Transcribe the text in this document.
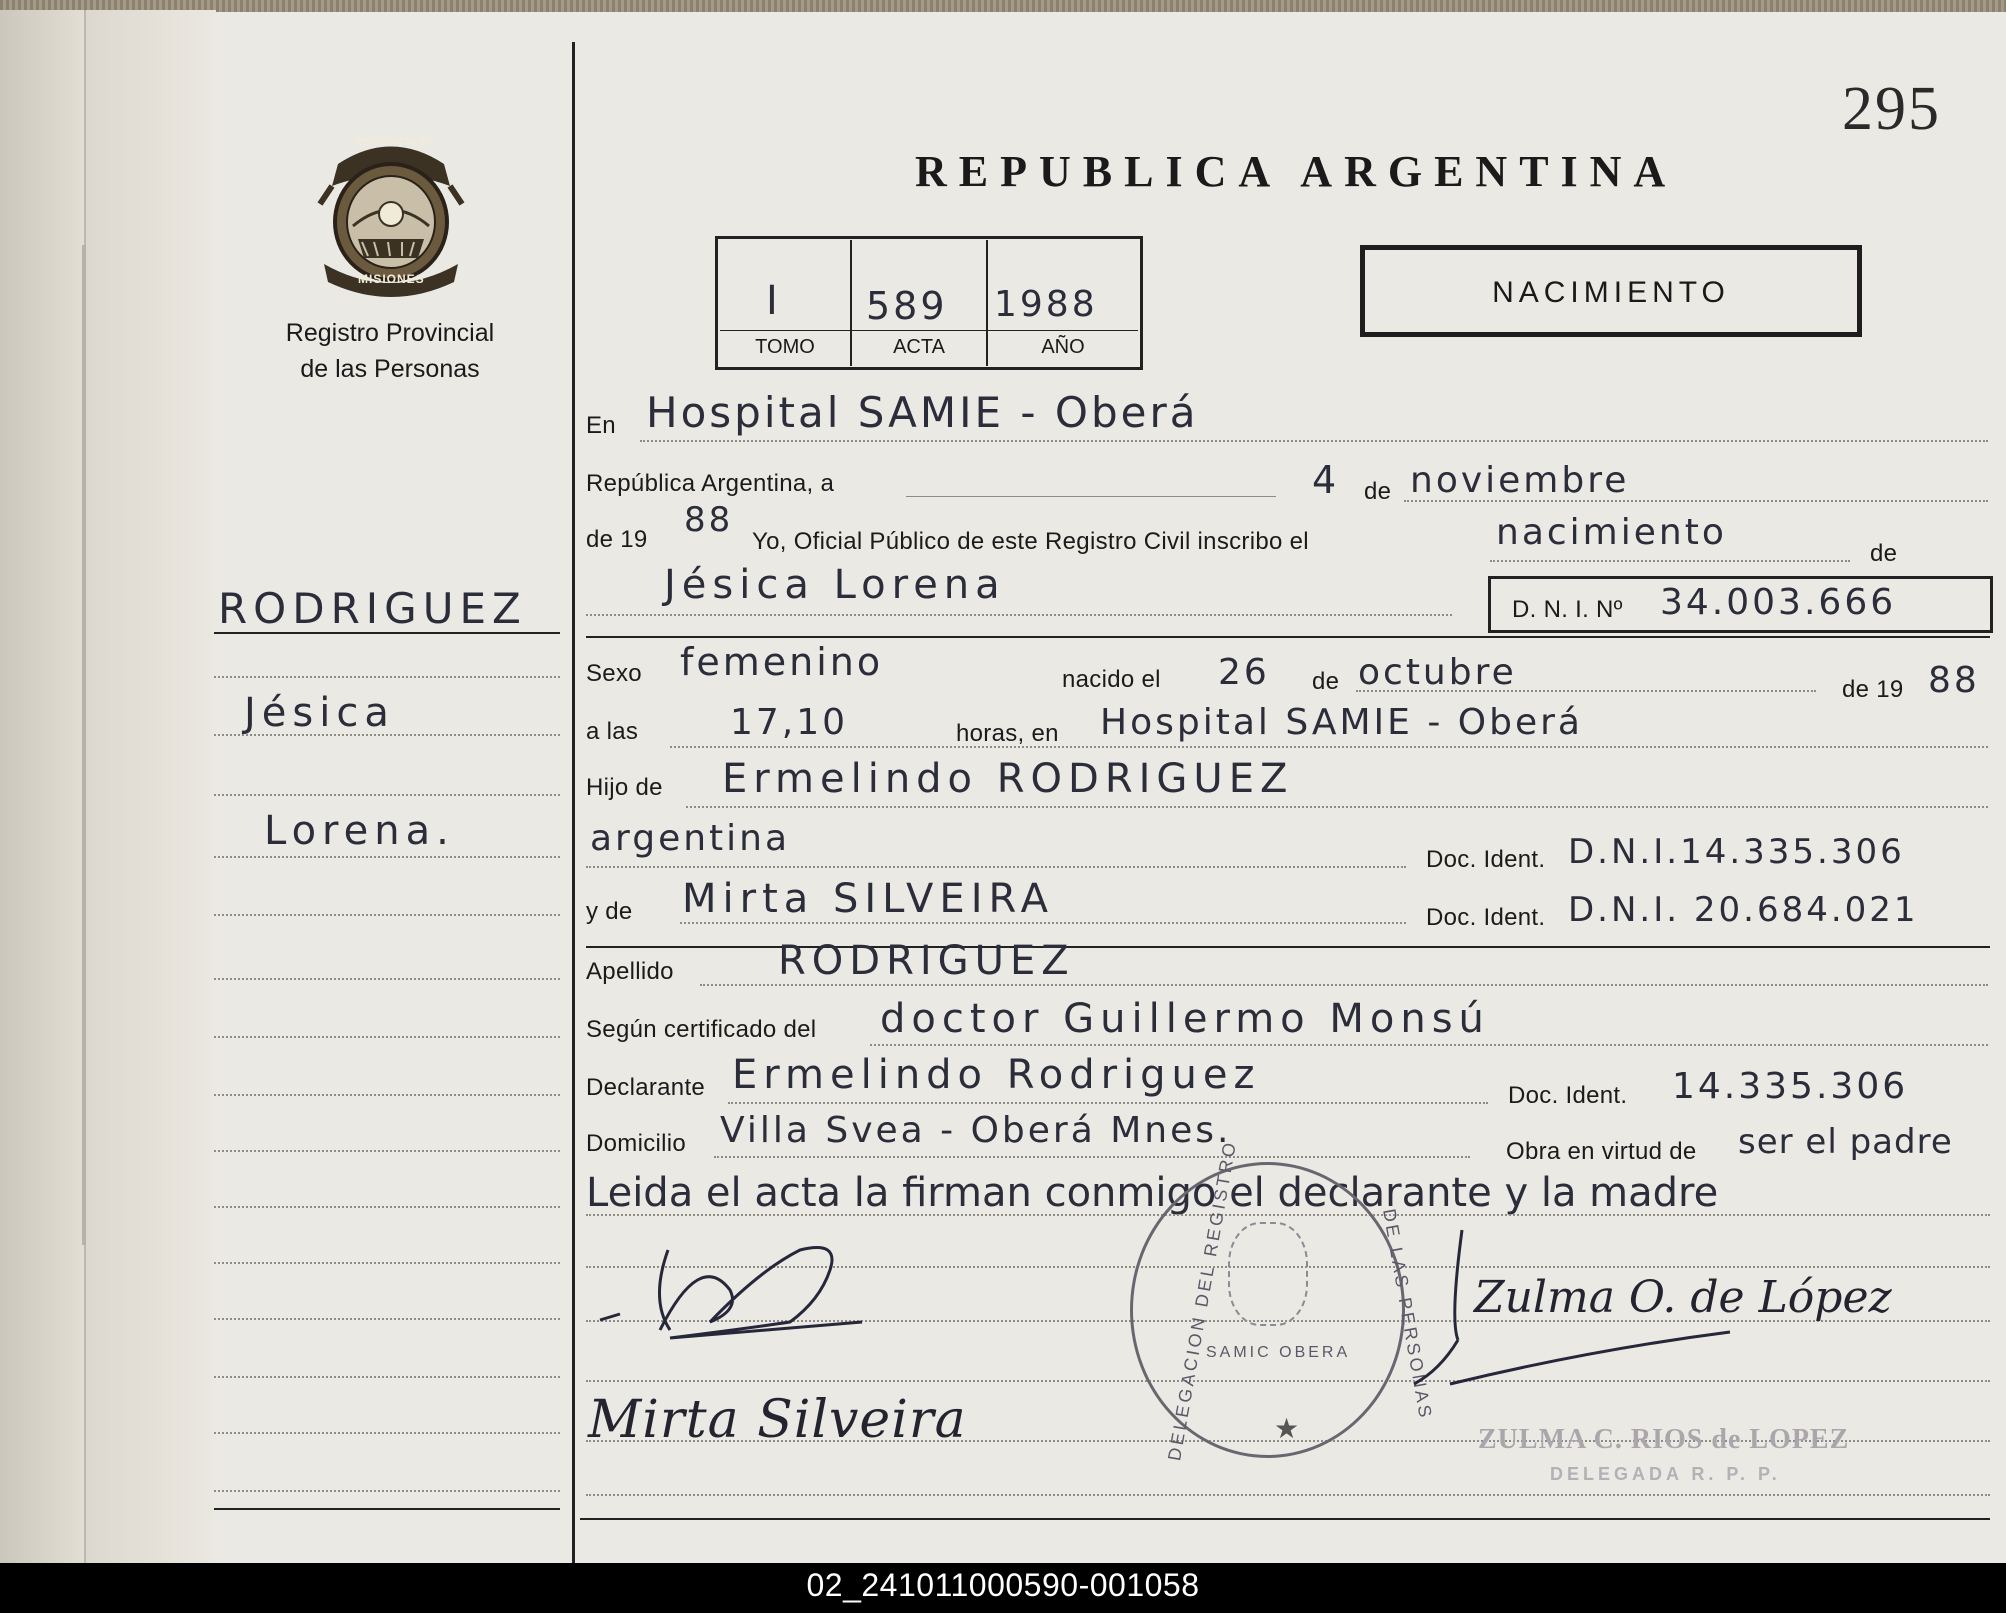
295
PROVINCIA DE
MISIONES
Registro Provincial
de las Personas
REPUBLICA ARGENTINA
I 589 1988
TOMO	ACTA	AÑO
NACIMIENTO
RODRIGUEZ
Jésica
Lorena.
En Hospital SAMIE - Oberá
República Argentina, a	4 de noviembre
de 19 88
Yo, Oficial Público de este Registro Civil inscribo el	nacimiento
de
Jésica Lorena
D. N. I. Nº 34.003.666
Sexo femenino	nacido el 26 de octubre	de 19 88
a las	17,10	horas, en Hospital SAMIE - Oberá
Hijo de Ermelindo RODRIGUEZ
argentina
Doc. Ident. D.N.I.14.335.306
y de Mirta SILVEIRA	Doc. Ident. D.N.I. 20.684.021
Apellido	RODRIGUEZ
Según certificado del doctor Guillermo Monsú
Declarante Ermelindo Rodriguez	Doc. Ident. 14.335.306
Domicilio Villa Svea - Oberá Mnes.
Obra en virtud de ser el padre
Leida el acta la firman conmigo el declarante y la madre
Mirta Silveira	★
DELEGACION DEL REGISTRO	DE LAS PERSONAS
SAMIC OBERA
Zulma O. de López
ZULMA C. RIOS de LOPEZ
DELEGADA R. P. P.
02_241011000590-001058
